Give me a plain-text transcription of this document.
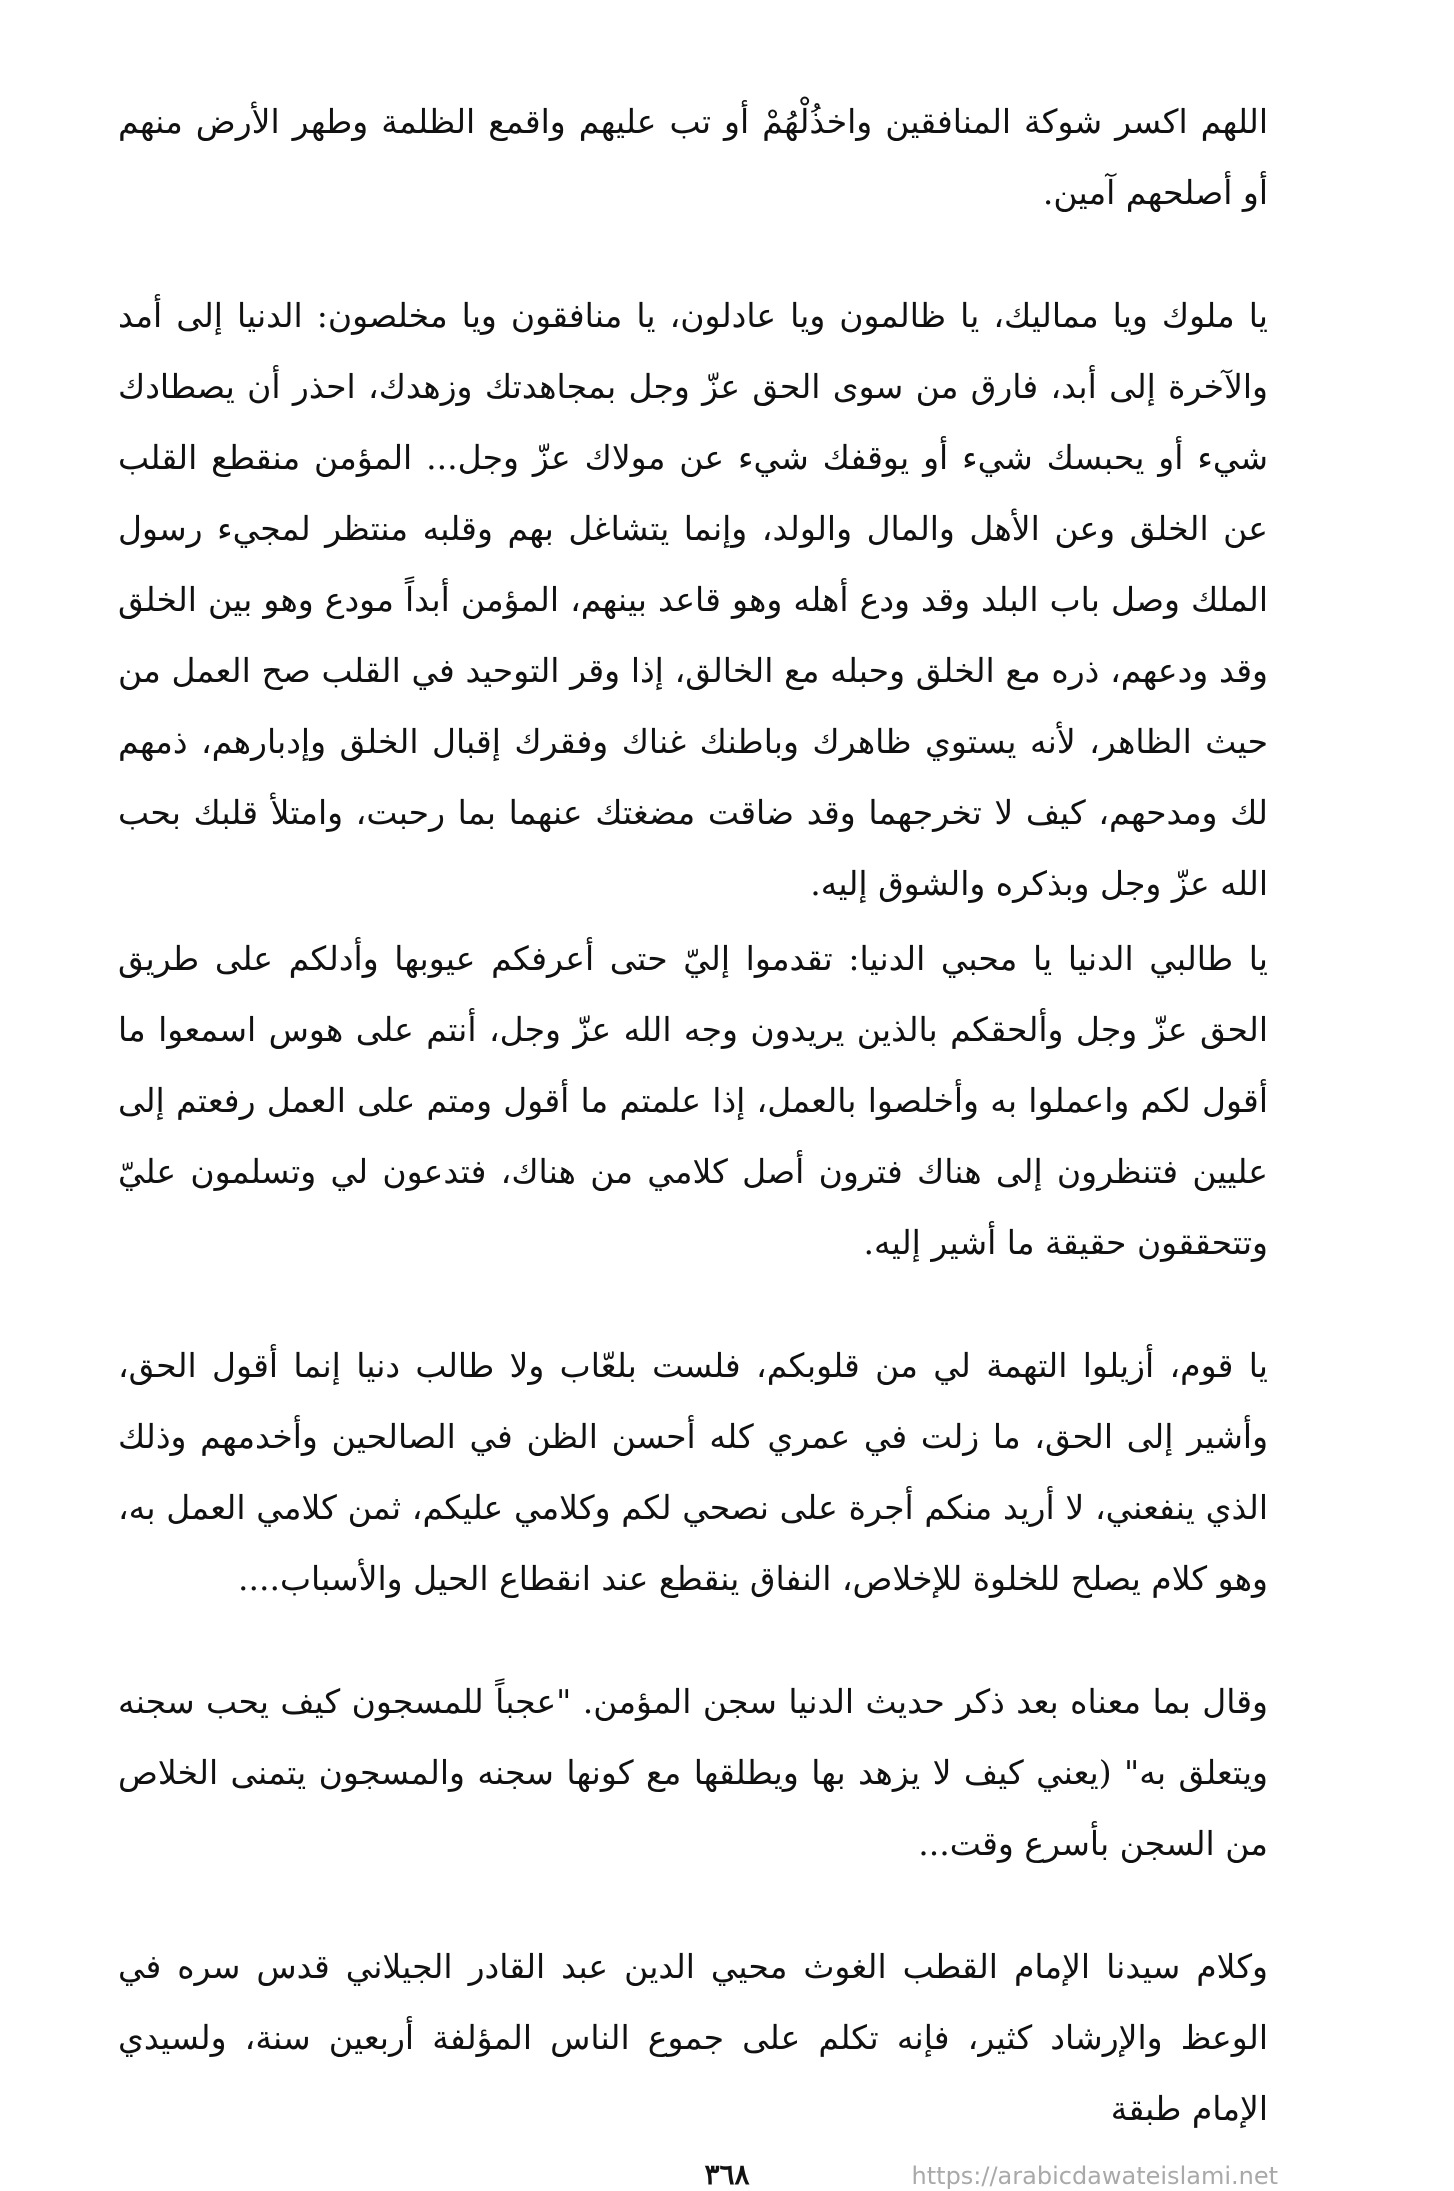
اللهم اكسر شوكة المنافقين واخذُلْهُمْ أو تب عليهم واقمع الظلمة وطهر الأرض منهم أو أصلحهم آمين.

يا ملوك ويا مماليك، يا ظالمون ويا عادلون، يا منافقون ويا مخلصون: الدنيا إلى أمد والآخرة إلى أبد، فارق من سوى الحق عزّ وجل بمجاهدتك وزهدك، احذر أن يصطادك شيء أو يحبسك شيء أو يوقفك شيء عن مولاك عزّ وجل... المؤمن منقطع القلب عن الخلق وعن الأهل والمال والولد، وإنما يتشاغل بهم وقلبه منتظر لمجيء رسول الملك وصل باب البلد وقد ودع أهله وهو قاعد بينهم، المؤمن أبداً مودع وهو بين الخلق وقد ودعهم، ذره مع الخلق وحبله مع الخالق، إذا وقر التوحيد في القلب صح العمل من حيث الظاهر، لأنه يستوي ظاهرك وباطنك غناك وفقرك إقبال الخلق وإدبارهم، ذمهم لك ومدحهم، كيف لا تخرجهما وقد ضاقت مضغتك عنهما بما رحبت، وامتلأ قلبك بحب الله عزّ وجل وبذكره والشوق إليه.

يا طالبي الدنيا يا محبي الدنيا: تقدموا إليّ حتى أعرفكم عيوبها وأدلكم على طريق الحق عزّ وجل وألحقكم بالذين يريدون وجه الله عزّ وجل، أنتم على هوس اسمعوا ما أقول لكم واعملوا به وأخلصوا بالعمل، إذا علمتم ما أقول ومتم على العمل رفعتم إلى عليين فتنظرون إلى هناك فترون أصل كلامي من هناك، فتدعون لي وتسلمون عليّ وتتحققون حقيقة ما أشير إليه.

يا قوم، أزيلوا التهمة لي من قلوبكم، فلست بلعّاب ولا طالب دنيا إنما أقول الحق، وأشير إلى الحق، ما زلت في عمري كله أحسن الظن في الصالحين وأخدمهم وذلك الذي ينفعني، لا أريد منكم أجرة على نصحي لكم وكلامي عليكم، ثمن كلامي العمل به، وهو كلام يصلح للخلوة للإخلاص، النفاق ينقطع عند انقطاع الحيل والأسباب....

وقال بما معناه بعد ذكر حديث الدنيا سجن المؤمن. "عجباً للمسجون كيف يحب سجنه ويتعلق به" (يعني كيف لا يزهد بها ويطلقها مع كونها سجنه والمسجون يتمنى الخلاص من السجن بأسرع وقت...

وكلام سيدنا الإمام القطب الغوث محيي الدين عبد القادر الجيلاني قدس سره في الوعظ والإرشاد كثير، فإنه تكلم على جموع الناس المؤلفة أربعين سنة، ولسيدي الإمام طبقة

٣٦٨	https://arabicdawateislami.net
